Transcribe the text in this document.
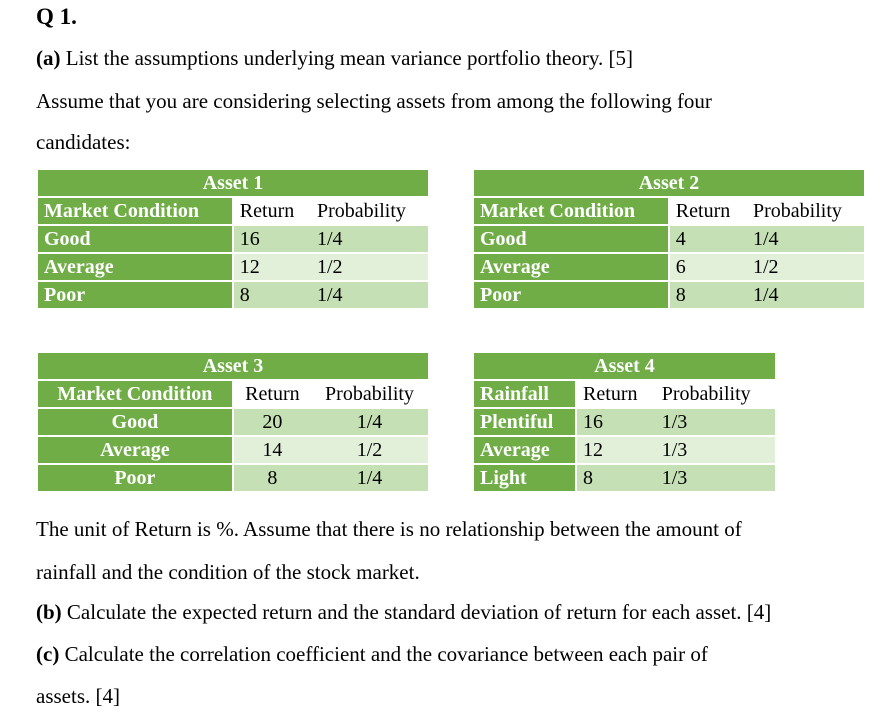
Q 1.
(a) List the assumptions underlying mean variance portfolio theory. [5]
Assume that you are considering selecting assets from among the following four
candidates:
Asset 1		
Market Condition	Return	Probability
Good	16	1/4
Average	12	1/2
Poor	8	1/4
Asset 2		
Market Condition	Return	Probability
Good	4	1/4
Average	6	1/2
Poor	8	1/4
Asset 3		
Market Condition	Return	Probability
Good	20	1/4
Average	14	1/2
Poor	8	1/4
Asset 4		
Rainfall	Return	Probability
Plentiful	16	1/3
Average	12	1/3
Light	8	1/3
The unit of Return is %. Assume that there is no relationship between the amount of
rainfall and the condition of the stock market.
(b) Calculate the expected return and the standard deviation of return for each asset. [4]
(c) Calculate the correlation coefficient and the covariance between each pair of
assets. [4]
